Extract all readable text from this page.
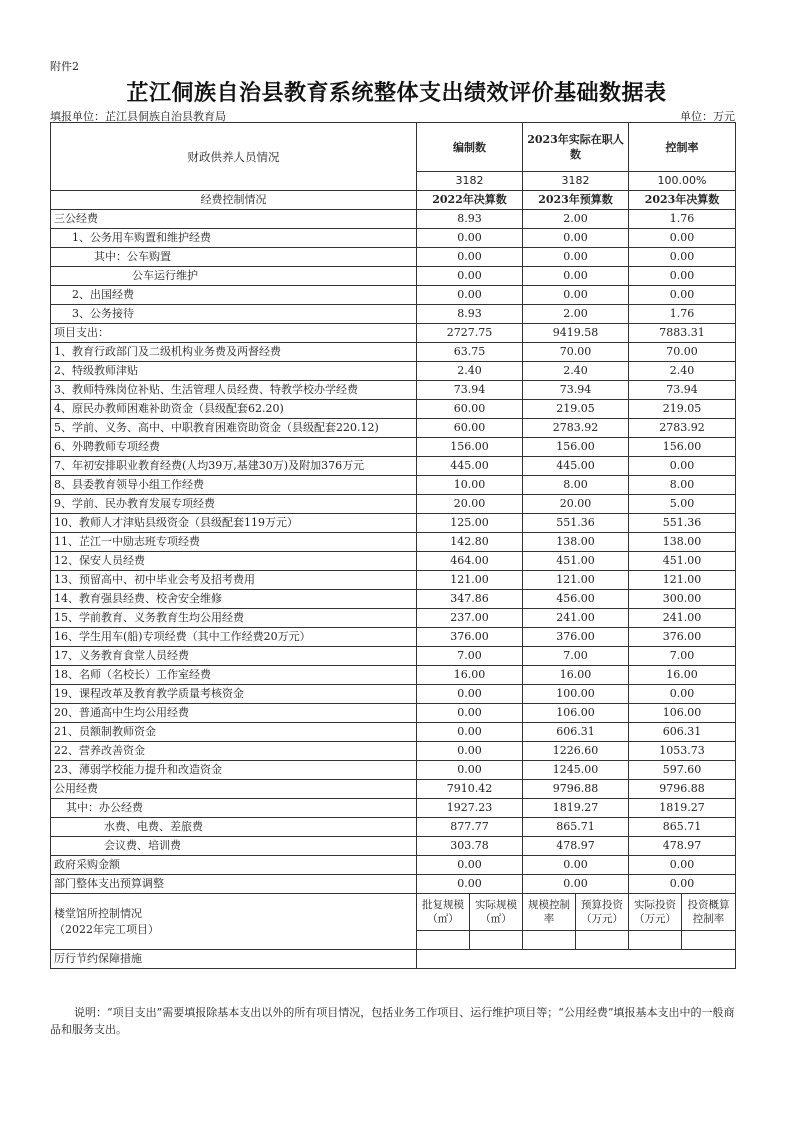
附件2
芷江侗族自治县教育系统整体支出绩效评价基础数据表
填报单位：芷江县侗族自治县教育局	单位：万元
财政供养人员情况	编制数		2023年实际在职人数		控制率	
	3182		3182		100.00%	
经费控制情况	2022年决算数		2023年预算数		2023年决算数	
三公经费	8.93		2.00		1.76	
1、公务用车购置和维护经费	0.00		0.00		0.00	
其中：公车购置	0.00		0.00		0.00	
公车运行维护	0.00		0.00		0.00	
2、出国经费	0.00		0.00		0.00	
3、公务接待	8.93		2.00		1.76	
项目支出：	2727.75		9419.58		7883.31	
1、教育行政部门及二级机构业务费及两督经费	63.75		70.00		70.00	
2、特级教师津贴	2.40		2.40		2.40	
3、教师特殊岗位补贴、生活管理人员经费、特教学校办学经费	73.94		73.94		73.94	
4、原民办教师困难补助资金（县级配套62.20)	60.00		219.05		219.05	
5、学前、义务、高中、中职教育困难资助资金（县级配套220.12)	60.00		2783.92		2783.92	
6、外聘教师专项经费	156.00		156.00		156.00	
7、年初安排职业教育经费(人均39万,基建30万)及附加376万元	445.00		445.00		0.00	
8、县委教育领导小组工作经费	10.00		8.00		8.00	
9、学前、民办教育发展专项经费	20.00		20.00		5.00	
10、教师人才津贴县级资金（县级配套119万元）	125.00		551.36		551.36	
11、芷江一中励志班专项经费	142.80		138.00		138.00	
12、保安人员经费	464.00		451.00		451.00	
13、预留高中、初中毕业会考及招考费用	121.00		121.00		121.00	
14、教育强县经费、校舍安全维修	347.86		456.00		300.00	
15、学前教育、义务教育生均公用经费	237.00		241.00		241.00	
16、学生用车(船)专项经费（其中工作经费20万元）	376.00		376.00		376.00	
17、义务教育食堂人员经费	7.00		7.00		7.00	
18、名师（名校长）工作室经费	16.00		16.00		16.00	
19、课程改革及教育教学质量考核资金	0.00		100.00		0.00	
20、普通高中生均公用经费	0.00		106.00		106.00	
21、员额制教师资金	0.00		606.31		606.31	
22、营养改善资金	0.00		1226.60		1053.73	
23、薄弱学校能力提升和改造资金	0.00		1245.00		597.60	
公用经费	7910.42		9796.88		9796.88	
其中：办公经费	1927.23		1819.27		1819.27	
水费、电费、差旅费	877.77		865.71		865.71	
会议费、培训费	303.78		478.97		478.97	
政府采购金额	0.00		0.00		0.00	
部门整体支出预算调整	0.00		0.00		0.00	

楼堂馆所控制情况
（2022年完工项目）	批复规模（㎡）	实际规模（㎡）	规模控制率	预算投资（万元）	实际投资（万元）	投资概算控制率

厉行节约保障措施						
说明：“项目支出”需要填报除基本支出以外的所有项目情况，包括业务工作项目、运行维护项目等；“公用经费”填报基本支出中的一般商品和服务支出。
